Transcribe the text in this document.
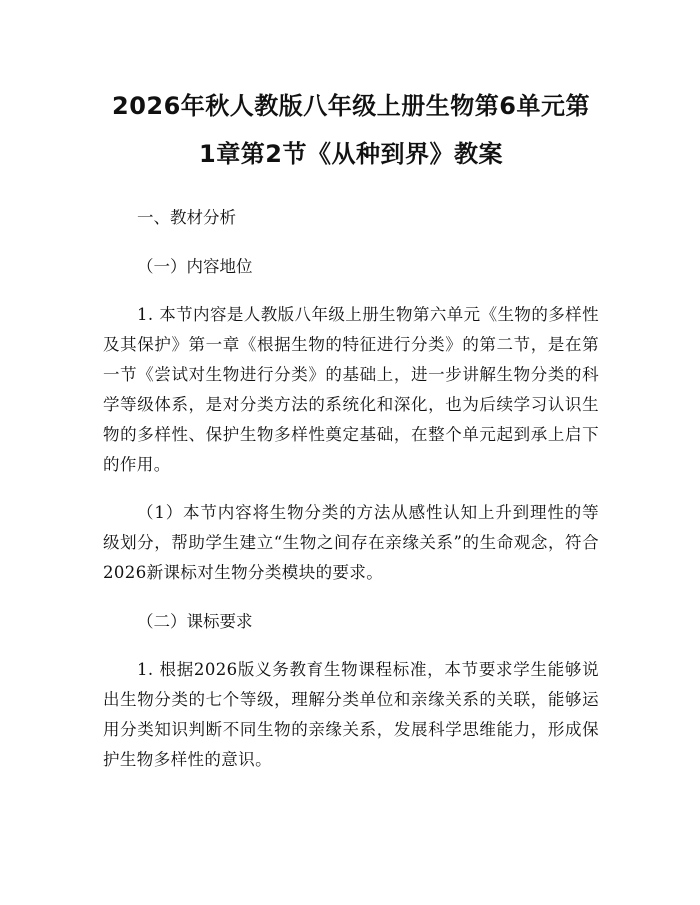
2026年秋人教版八年级上册生物第6单元第
1章第2节《从种到界》教案

一、教材分析

（一）内容地位

1. 本节内容是人教版八年级上册生物第六单元《生物的多样性及其保护》第一章《根据生物的特征进行分类》的第二节，是在第一节《尝试对生物进行分类》的基础上，进一步讲解生物分类的科学等级体系，是对分类方法的系统化和深化，也为后续学习认识生物的多样性、保护生物多样性奠定基础，在整个单元起到承上启下的作用。

（1）本节内容将生物分类的方法从感性认知上升到理性的等级划分，帮助学生建立“生物之间存在亲缘关系”的生命观念，符合2026新课标对生物分类模块的要求。

（二）课标要求

1. 根据2026版义务教育生物课程标准，本节要求学生能够说出生物分类的七个等级，理解分类单位和亲缘关系的关联，能够运用分类知识判断不同生物的亲缘关系，发展科学思维能力，形成保护生物多样性的意识。
